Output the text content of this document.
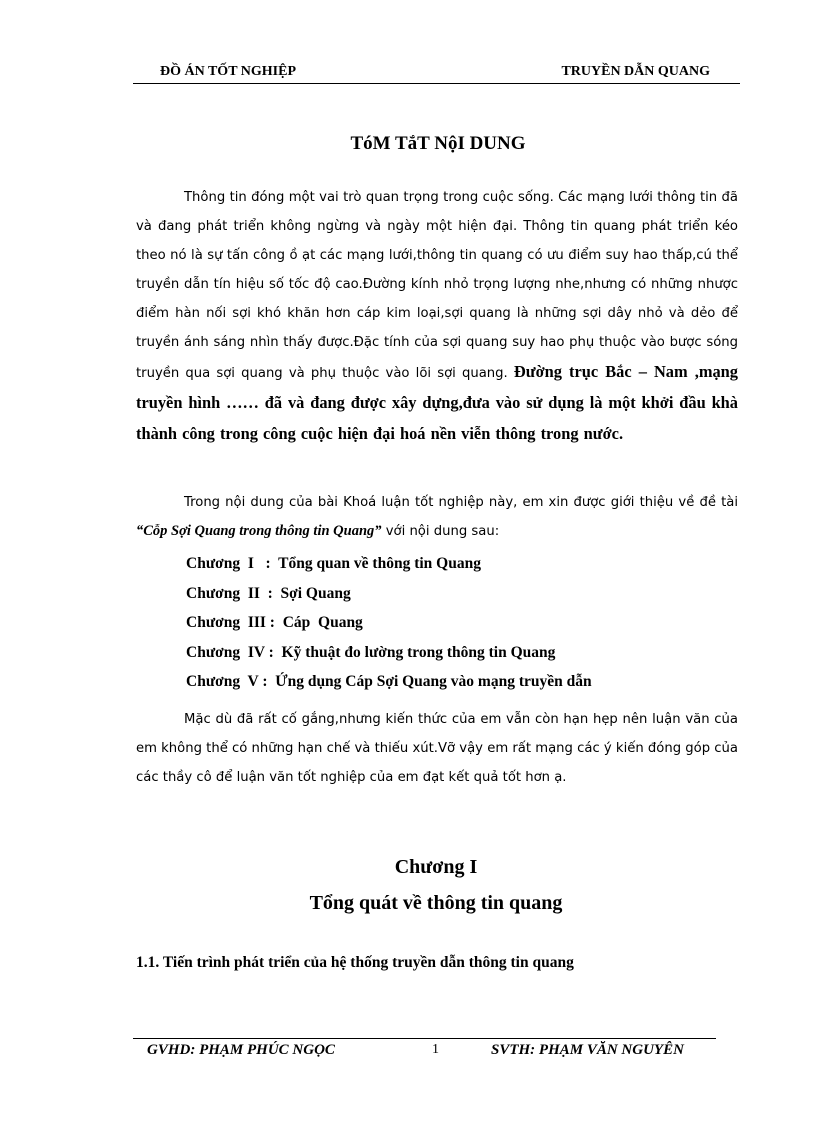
ĐỒ ÁN TỐT NGHIỆP	TRUYỀN DẪN QUANG
TóM TắT NộI DUNG
Thông tin đóng một vai trò quan trọng trong cuộc sống. Các mạng lưới thông tin đã và đang phát triển không ngừng và ngày một hiện đại. Thông tin quang phát triển kéo theo nó là sự tấn công ồ ạt các mạng lưới,thông tin quang có ưu điểm suy hao thấp,cú thể truyền dẫn tín hiệu số tốc độ cao.Đường kính nhỏ trọng lượng nhe,nhưng có những nhược điểm hàn nối sợi khó khăn hơn cáp kim loại,sợi quang là những sợi dây nhỏ và dẻo để truyền ánh sáng nhìn thấy được.Đặc tính của sợi quang suy hao phụ thuộc vào bược sóng truyền qua sợi quang và phụ thuộc vào lõi sợi quang. Đường trục Bắc – Nam ,mạng truyền hình …… đã và đang được xây dựng,đưa vào sử dụng là một khởi đầu khà thành công trong công cuộc hiện đại hoá nền viễn thông trong nước.
Trong nội dung của bài Khoá luận tốt nghiệp này, em xin được giới thiệu về đề tài “Cỗp Sợi Quang trong thông tin Quang” với nội dung sau:
Chương  I   :  Tổng quan về thông tin Quang
Chương  II  :  Sợi Quang
Chương  III :  Cáp  Quang
Chương  IV :  Kỹ thuật đo lường trong thông tin Quang
Chương  V :  Ứng dụng Cáp Sợi Quang vào mạng truyền dẫn
Mặc dù đã rất cố gắng,nhưng kiến thức của em vẫn còn hạn hẹp nên luận văn của em không thể có những hạn chế và thiếu xút.Vỡ vậy em rất mạng các ý kiến đóng góp của các thầy cô để luận văn tốt nghiệp của em đạt kết quả tốt hơn ạ.
Chương I
Tổng quát về thông tin quang
1.1. Tiến trình phát triển của hệ thống truyền dẫn thông tin quang
GVHD: PHẠM PHÚC NGỌC	1	SVTH: PHẠM VĂN NGUYÊN
